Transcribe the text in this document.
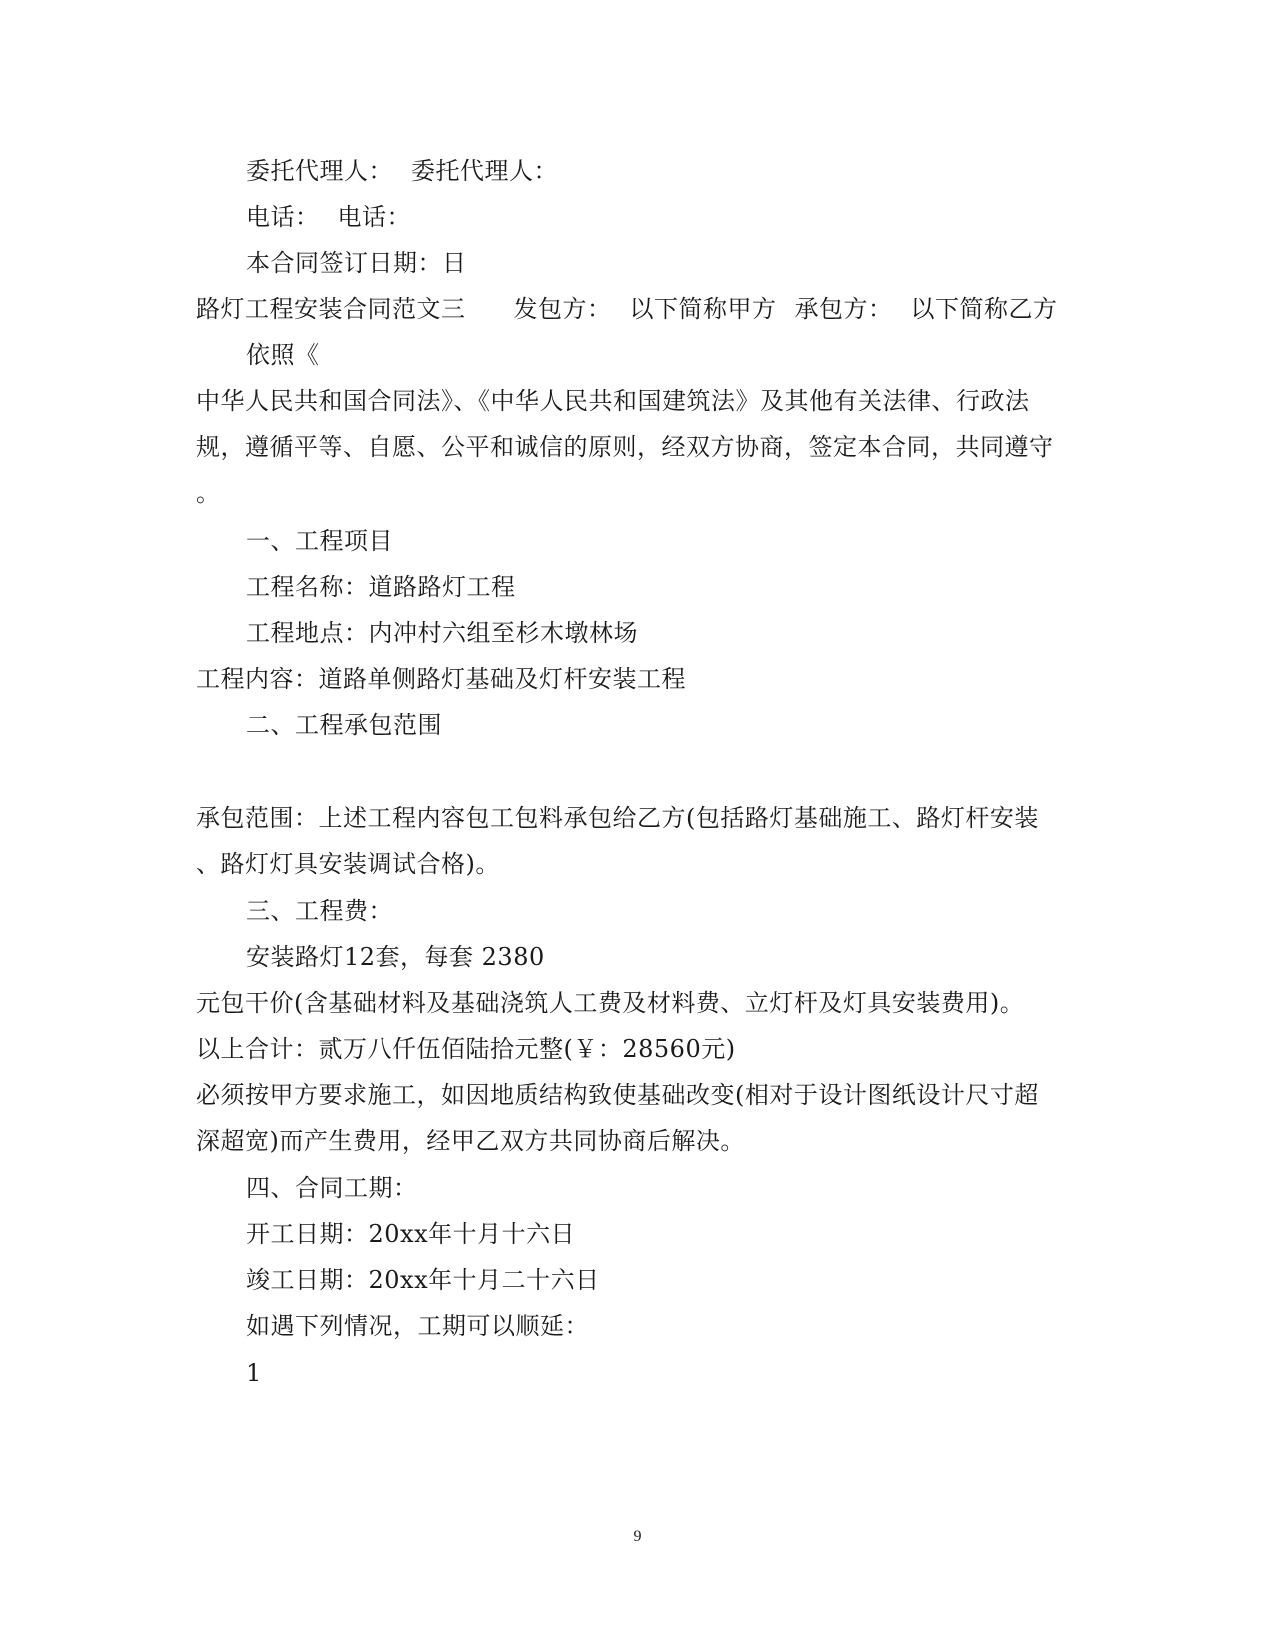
委托代理人： 委托代理人：
电话： 电话：
本合同签订日期：日
路灯工程安装合同范文三 发包方： 以下简称甲方 承包方： 以下简称乙方
依照《
中华人民共和国合同法》、《中华人民共和国建筑法》及其他有关法律、行政法
规，遵循平等、自愿、公平和诚信的原则，经双方协商，签定本合同，共同遵守
。
一、工程项目
工程名称：道路路灯工程
工程地点：内冲村六组至杉木墩林场
工程内容：道路单侧路灯基础及灯杆安装工程
二、工程承包范围
承包范围：上述工程内容包工包料承包给乙方(包括路灯基础施工、路灯杆安装
、路灯灯具安装调试合格)。
三、工程费：
安装路灯12套，每套 2380
元包干价(含基础材料及基础浇筑人工费及材料费、立灯杆及灯具安装费用)。
以上合计：贰万八仟伍佰陆拾元整(￥：28560元)
必须按甲方要求施工，如因地质结构致使基础改变(相对于设计图纸设计尺寸超
深超宽)而产生费用，经甲乙双方共同协商后解决。
四、合同工期：
开工日期：20xx年十月十六日
竣工日期：20xx年十月二十六日
如遇下列情况，工期可以顺延：
1
9
